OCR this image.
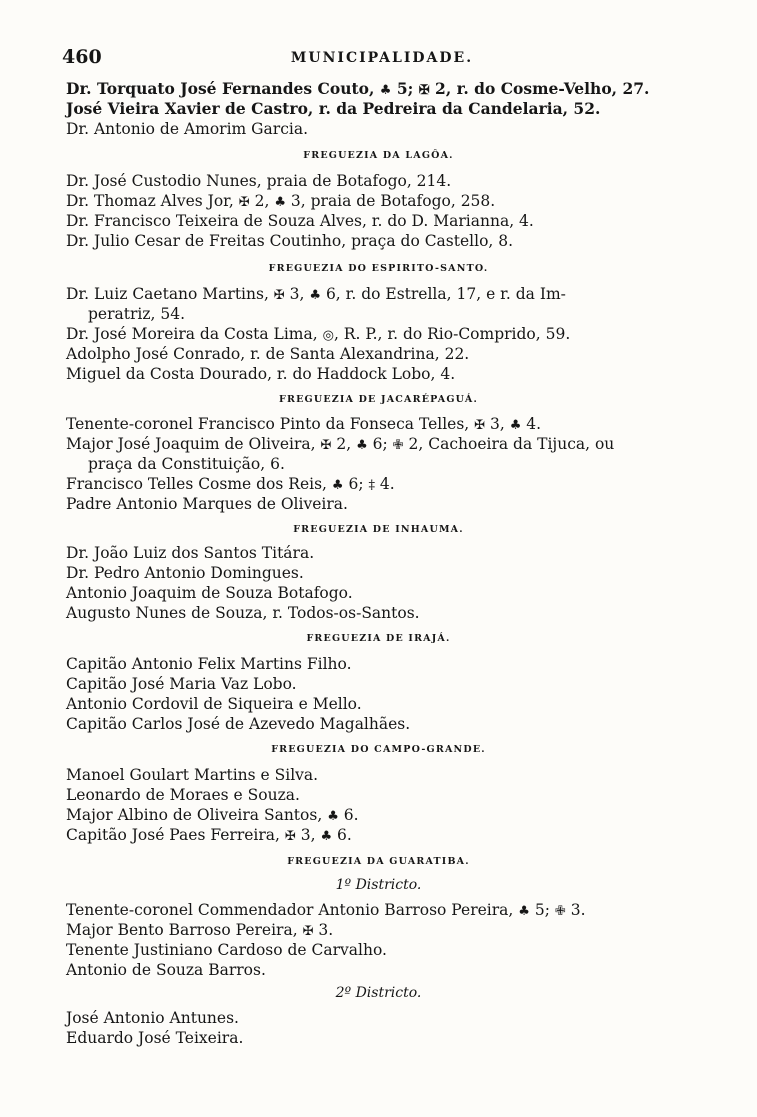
460	MUNICIPALIDADE.
Dr. Torquato José Fernandes Couto, ♣ 5; ✠ 2, r. do Cosme-Velho, 27.
José Vieira Xavier de Castro, r. da Pedreira da Candelaria, 52.
Dr. Antonio de Amorim Garcia.
FREGUEZIA DA LAGÔA.
Dr. José Custodio Nunes, praia de Botafogo, 214.
Dr. Thomaz Alves Jor, ✠ 2, ♣ 3, praia de Botafogo, 258.
Dr. Francisco Teixeira de Souza Alves, r. do D. Marianna, 4.
Dr. Julio Cesar de Freitas Coutinho, praça do Castello, 8.
FREGUEZIA DO ESPIRITO-SANTO.
Dr. Luiz Caetano Martins, ✠ 3, ♣ 6, r. do Estrella, 17, e r. da Im-
peratriz, 54.
Dr. José Moreira da Costa Lima, ◎, R. P., r. do Rio-Comprido, 59.
Adolpho José Conrado, r. de Santa Alexandrina, 22.
Miguel da Costa Dourado, r. do Haddock Lobo, 4.
FREGUEZIA DE JACARÉPAGUÁ.
Tenente-coronel Francisco Pinto da Fonseca Telles, ✠ 3, ♣ 4.
Major José Joaquim de Oliveira, ✠ 2, ♣ 6; ✙ 2, Cachoeira da Tijuca, ou
praça da Constituição, 6.
Francisco Telles Cosme dos Reis, ♣ 6; ‡ 4.
Padre Antonio Marques de Oliveira.
FREGUEZIA DE INHAUMA.
Dr. João Luiz dos Santos Titára.
Dr. Pedro Antonio Domingues.
Antonio Joaquim de Souza Botafogo.
Augusto Nunes de Souza, r. Todos-os-Santos.
FREGUEZIA DE IRAJÁ.
Capitão Antonio Felix Martins Filho.
Capitão José Maria Vaz Lobo.
Antonio Cordovil de Siqueira e Mello.
Capitão Carlos José de Azevedo Magalhães.
FREGUEZIA DO CAMPO-GRANDE.
Manoel Goulart Martins e Silva.
Leonardo de Moraes e Souza.
Major Albino de Oliveira Santos, ♣ 6.
Capitão José Paes Ferreira, ✠ 3, ♣ 6.
FREGUEZIA DA GUARATIBA.
1º Districto.
Tenente-coronel Commendador Antonio Barroso Pereira, ♣ 5; ✙ 3.
Major Bento Barroso Pereira, ✠ 3.
Tenente Justiniano Cardoso de Carvalho.
Antonio de Souza Barros.
2º Districto.
José Antonio Antunes.
Eduardo José Teixeira.
